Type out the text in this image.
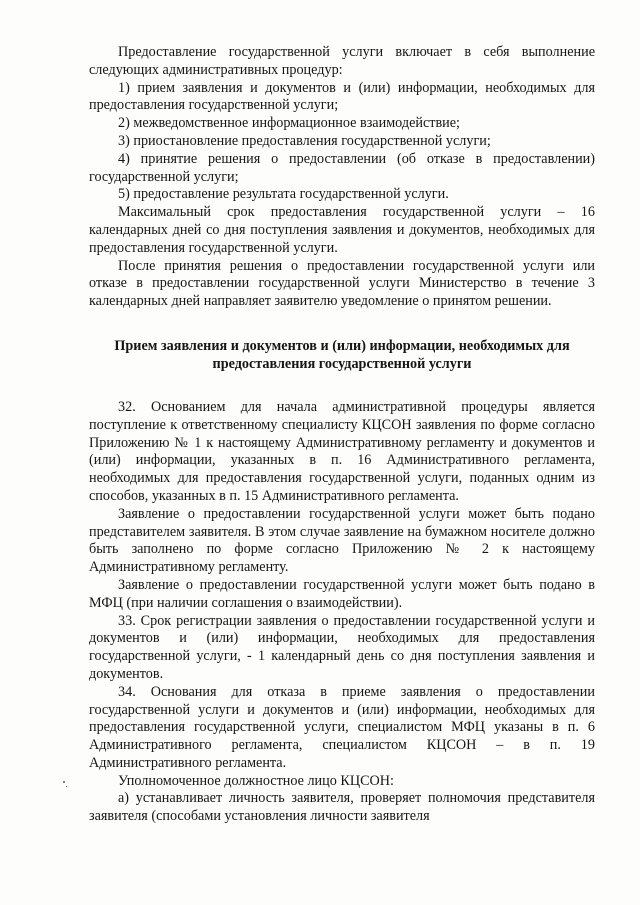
Предоставление государственной услуги включает в себя выполнение следующих административных процедур:

1) прием заявления и документов и (или) информации, необходимых для предоставления государственной услуги;

2) межведомственное информационное взаимодействие;

3) приостановление предоставления государственной услуги;

4) принятие решения о предоставлении (об отказе в предоставлении) государственной услуги;

5) предоставление результата государственной услуги.

Максимальный срок предоставления государственной услуги – 16 календарных дней со дня поступления заявления и документов, необходимых для предоставления государственной услуги.

После принятия решения о предоставлении государственной услуги или отказе в предоставлении государственной услуги Министерство в течение 3 календарных дней направляет заявителю уведомление о принятом решении.

Прием заявления и документов и (или) информации, необходимых для предоставления государственной услуги

32. Основанием для начала административной процедуры является поступление к ответственному специалисту КЦСОН заявления по форме согласно Приложению № 1 к настоящему Административному регламенту и документов и (или) информации, указанных в п. 16 Административного регламента, необходимых для предоставления государственной услуги, поданных одним из способов, указанных в п. 15 Административного регламента.

Заявление о предоставлении государственной услуги может быть подано представителем заявителя. В этом случае заявление на бумажном носителе должно быть заполнено по форме согласно Приложению № 2 к настоящему Административному регламенту.

Заявление о предоставлении государственной услуги может быть подано в МФЦ (при наличии соглашения о взаимодействии).

33. Срок регистрации заявления о предоставлении государственной услуги и документов и (или) информации, необходимых для предоставления государственной услуги, - 1 календарный день со дня поступления заявления и документов.

34. Основания для отказа в приеме заявления о предоставлении государственной услуги и документов и (или) информации, необходимых для предоставления государственной услуги, специалистом МФЦ указаны в п. 6 Административного регламента, специалистом КЦСОН – в п. 19 Административного регламента.

Уполномоченное должностное лицо КЦСОН:

а) устанавливает личность заявителя, проверяет полномочия представителя заявителя (способами установления личности заявителя
